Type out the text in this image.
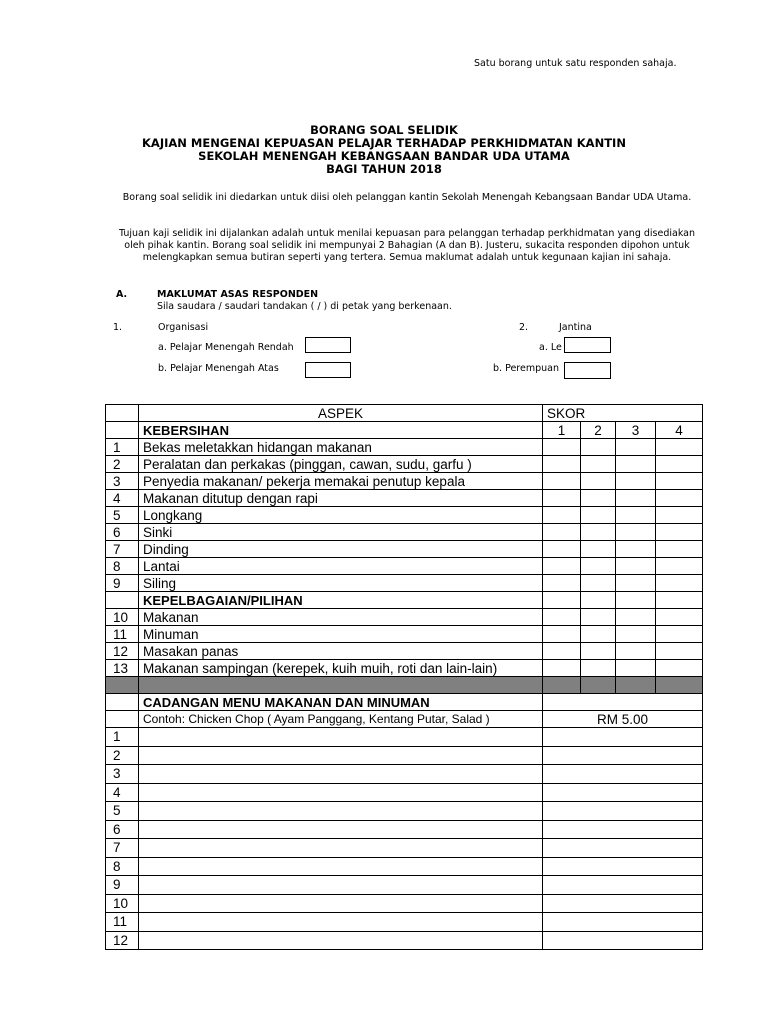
Satu borang untuk satu responden sahaja.
BORANG SOAL SELIDIK
KAJIAN MENGENAI KEPUASAN PELAJAR TERHADAP PERKHIDMATAN KANTIN
SEKOLAH MENENGAH KEBANGSAAN BANDAR UDA UTAMA
BAGI TAHUN 2018
Borang soal selidik ini diedarkan untuk diisi oleh pelanggan kantin Sekolah Menengah Kebangsaan Bandar UDA Utama.
Tujuan kaji selidik ini dijalankan adalah untuk menilai kepuasan para pelanggan terhadap perkhidmatan yang disediakan oleh pihak kantin. Borang soal selidik ini mempunyai 2 Bahagian (A dan B). Justeru, sukacita responden dipohon untuk melengkapkan semua butiran seperti yang tertera. Semua maklumat adalah untuk kegunaan kajian ini sahaja.
A.	MAKLUMAT ASAS RESPONDEN
Sila saudara / saudari tandakan ( / ) di petak yang berkenaan.
1.	Organisasi
a. Pelajar Menengah Rendah
b. Pelajar Menengah Atas
2.	Jantina
a. Le
b. Perempuan
	ASPEK	SKOR			
	KEBERSIHAN	1	2	3	4
1	Bekas meletakkan hidangan makanan				
2	Peralatan dan perkakas (pinggan, cawan, sudu, garfu )				
3	Penyedia makanan/ pekerja memakai penutup kepala				
4	Makanan ditutup dengan rapi				
5	Longkang				
6	Sinki				
7	Dinding				
8	Lantai				
9	Siling				
	KEPELBAGAIAN/PILIHAN				
10	Makanan				
11	Minuman				
12	Masakan panas				
13	Makanan sampingan (kerepek, kuih muih, roti dan lain-lain)				

	CADANGAN MENU MAKANAN DAN MINUMAN				
	Contoh: Chicken Chop ( Ayam Panggang, Kentang Putar, Salad )	RM 5.00			
1					
2					
3					
4					
5					
6					
7					
8					
9					
10					
11					
12					
